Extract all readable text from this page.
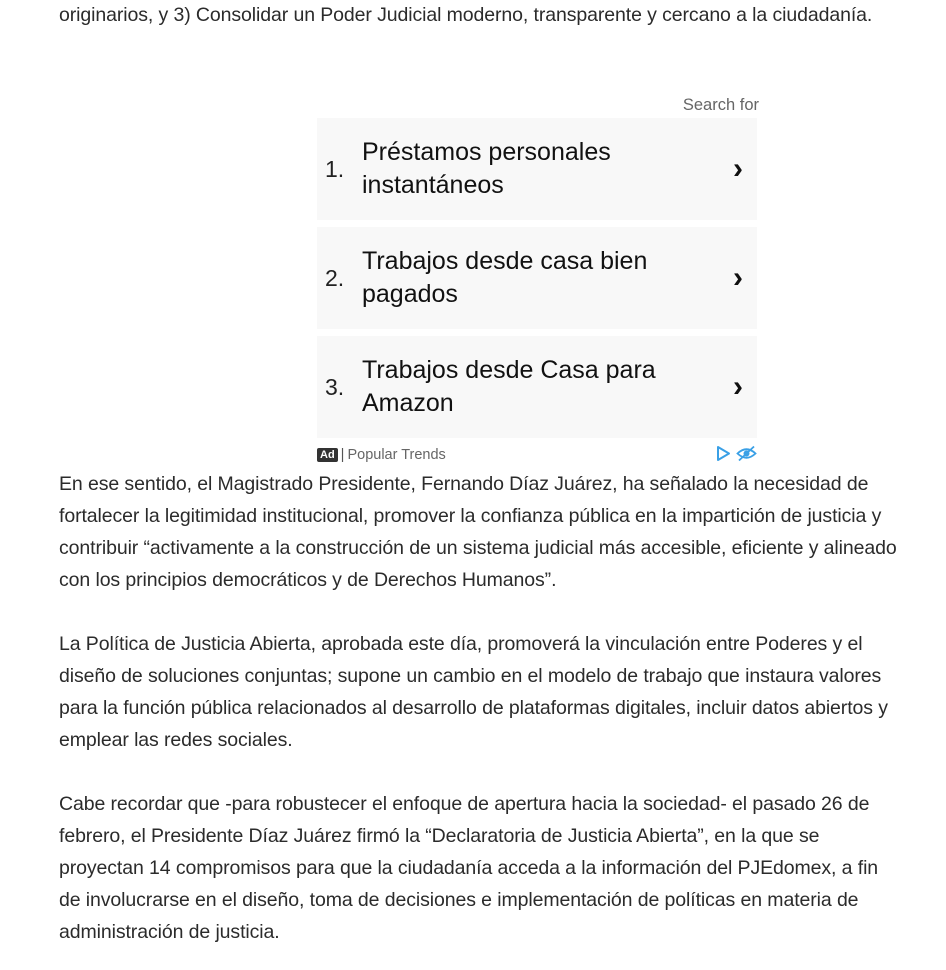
originarios, y 3) Consolidar un Poder Judicial moderno, transparente y cercano a la ciudadanía.

Search for
1.
Préstamos personales instantáneos	›
2.
Trabajos desde casa bien pagados	›
3.
Trabajos desde Casa para Amazon	›
Ad | Popular Trends

En ese sentido, el Magistrado Presidente, Fernando Díaz Juárez, ha señalado la necesidad de fortalecer la legitimidad institucional, promover la confianza pública en la impartición de justicia y contribuir “activamente a la construcción de un sistema judicial más accesible, eficiente y alineado con los principios democráticos y de Derechos Humanos”.

La Política de Justicia Abierta, aprobada este día, promoverá la vinculación entre Poderes y el diseño de soluciones conjuntas; supone un cambio en el modelo de trabajo que instaura valores para la función pública relacionados al desarrollo de plataformas digitales, incluir datos abiertos y emplear las redes sociales.

Cabe recordar que -para robustecer el enfoque de apertura hacia la sociedad- el pasado 26 de febrero, el Presidente Díaz Juárez firmó la “Declaratoria de Justicia Abierta”, en la que se proyectan 14 compromisos para que la ciudadanía acceda a la información del PJEdomex, a fin de involucrarse en el diseño, toma de decisiones e implementación de políticas en materia de administración de justicia.
